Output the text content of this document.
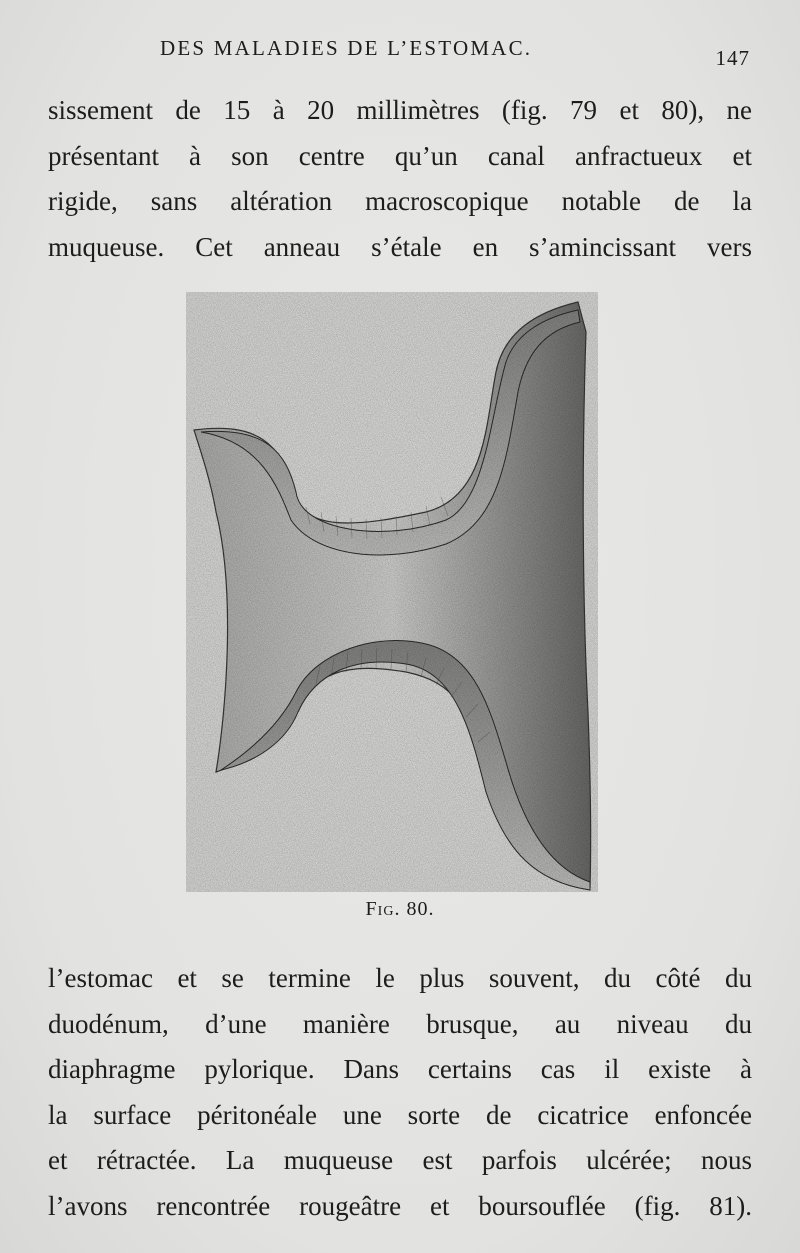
DES MALADIES DE L’ESTOMAC.	147
sissement de 15 à 20 millimètres (fig. 79 et 80), ne
présentant à son centre qu’un canal anfractueux et
rigide, sans altération macroscopique notable de la
muqueuse. Cet anneau s’étale en s’amincissant vers
Fig. 80.
l’estomac et se termine le plus souvent, du côté du
duodénum, d’une manière brusque, au niveau du
diaphragme pylorique. Dans certains cas il existe à
la surface péritonéale une sorte de cicatrice enfoncée
et rétractée. La muqueuse est parfois ulcérée; nous
l’avons rencontrée rougeâtre et boursouflée (fig. 81).
